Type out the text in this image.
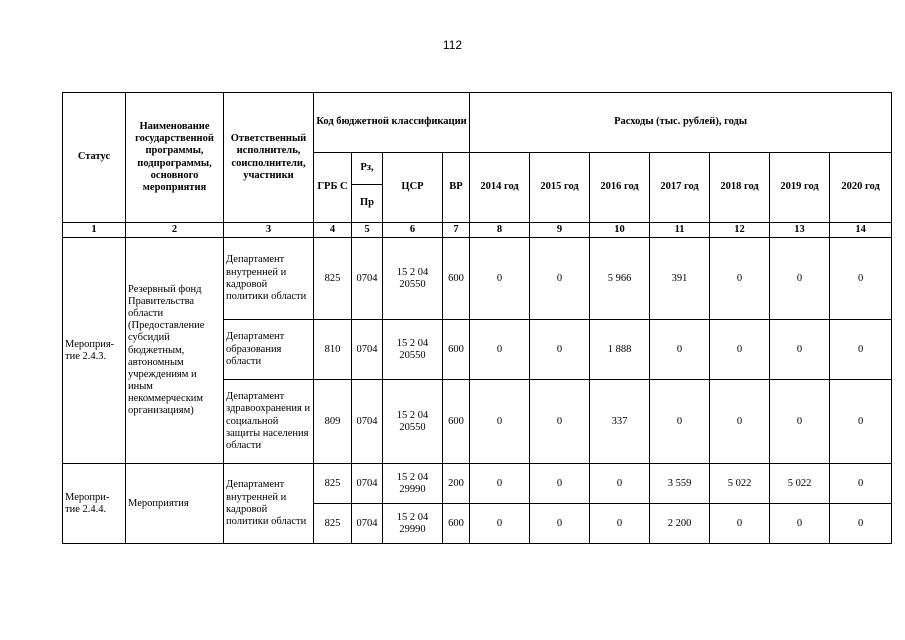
112
Статус	Наименование государственной программы, подпрограммы, основного мероприятия	Ответственный исполнитель, соисполнители, участники	Код бюджетной классификации				Расходы (тыс. рублей), годы						
			ГРБ С	Рз,	ЦСР	ВР	2014 год	2015 год	2016 год	2017 год	2018 год	2019 год	2020 год
				Пр									
1	2	3	4	5	6	7	8	9	10	11	12	13	14
Мероприя- тие 2.4.3.	Резервный фонд Правительства области (Предоставление субсидий бюджетным, автономным учреждениям и иным некоммерческим организациям)	Департамент внутренней и кадровой политики области	825	0704	15 2 04 20550	600	0	0	5 966	391	0	0	0
		Департамент образования области	810	0704	15 2 04 20550	600	0	0	1 888	0	0	0	0
		Департамент здравоохранения и социальной защиты населения области	809	0704	15 2 04 20550	600	0	0	337	0	0	0	0
Меропри- тие 2.4.4.	Мероприятия	Департамент внутренней и кадровой политики области	825	0704	15 2 04 29990	200	0	0	0	3 559	5 022	5 022	0
			825	0704	15 2 04 29990	600	0	0	0	2 200	0	0	0
